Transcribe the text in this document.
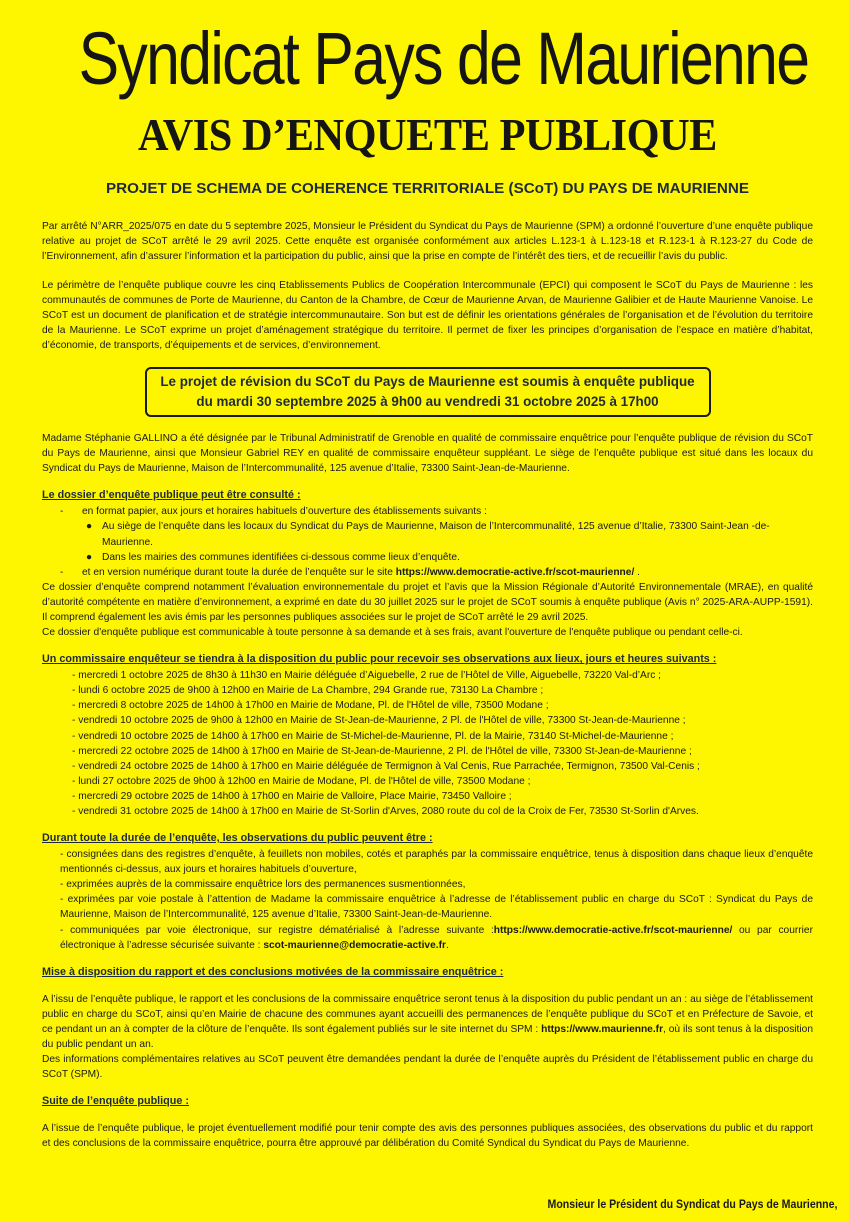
Syndicat Pays de Maurienne
AVIS D’ENQUETE PUBLIQUE
PROJET DE SCHEMA DE COHERENCE TERRITORIALE (SCoT) DU PAYS DE MAURIENNE

Par arrêté N°ARR_2025/075 en date du 5 septembre 2025, Monsieur le Président du Syndicat du Pays de Maurienne (SPM) a ordonné l’ouverture d’une enquête publique relative au projet de SCoT arrêté le 29 avril 2025. Cette enquête est organisée conformément aux articles L.123-1 à L.123-18 et R.123-1 à R.123-27 du Code de l’Environnement, afin d’assurer l’information et la participation du public, ainsi que la prise en compte de l’intérêt des tiers, et de recueillir l’avis du public.

Le périmètre de l’enquête publique couvre les cinq Etablissements Publics de Coopération Intercommunale (EPCI) qui composent le SCoT du Pays de Maurienne : les communautés de communes de Porte de Maurienne, du Canton de la Chambre, de Cœur de Maurienne Arvan, de Maurienne Galibier et de Haute Maurienne Vanoise. Le SCoT est un document de planification et de stratégie intercommunautaire. Son but est de définir les orientations générales de l’organisation et de l’évolution du territoire de la Maurienne. Le SCoT exprime un projet d’aménagement stratégique du territoire. Il permet de fixer les principes d’organisation de l’espace en matière d’habitat, d’économie, de transports, d’équipements et de services, d’environnement.

Le projet de révision du SCoT du Pays de Maurienne est soumis à enquête publique
du mardi 30 septembre 2025 à 9h00 au vendredi 31 octobre 2025 à 17h00

Madame Stéphanie GALLINO a été désignée par le Tribunal Administratif de Grenoble en qualité de commissaire enquêtrice pour l’enquête publique de révision du SCoT du Pays de Maurienne, ainsi que Monsieur Gabriel REY en qualité de commissaire enquêteur suppléant. Le siège de l’enquête publique est situé dans les locaux du Syndicat du Pays de Maurienne, Maison de l’Intercommunalité, 125 avenue d’Italie, 73300 Saint-Jean-de-Maurienne.

Le dossier d’enquête publique peut être consulté :

- en format papier, aux jours et horaires habituels d’ouverture des établissements suivants :

● Au siège de l’enquête dans les locaux du Syndicat du Pays de Maurienne, Maison de l’Intercommunalité, 125 avenue d’Italie, 73300 Saint-Jean -de-Maurienne.

● Dans les mairies des communes identifiées ci-dessous comme lieux d’enquête.

- et en version numérique durant toute la durée de l’enquête sur le site https://www.democratie-active.fr/scot-maurienne/ .

Ce dossier d’enquête comprend notamment l’évaluation environnementale du projet et l’avis que la Mission Régionale d’Autorité Environnementale (MRAE), en qualité d’autorité compétente en matière d’environnement, a exprimé en date du 30 juillet 2025 sur le projet de SCoT soumis à enquête publique (Avis n° 2025-ARA-AUPP-1591). Il comprend également les avis émis par les personnes publiques associées sur le projet de SCoT arrêté le 29 avril 2025.

Ce dossier d'enquête publique est communicable à toute personne à sa demande et à ses frais, avant l'ouverture de l'enquête publique ou pendant celle-ci.

Un commissaire enquêteur se tiendra à la disposition du public pour recevoir ses observations aux lieux, jours et heures suivants :
- mercredi 1 octobre 2025 de 8h30 à 11h30 en Mairie déléguée d’Aiguebelle, 2 rue de l’Hôtel de Ville, Aiguebelle, 73220 Val-d’Arc ;
- lundi 6 octobre 2025 de 9h00 à 12h00 en Mairie de La Chambre, 294 Grande rue, 73130 La Chambre ;
- mercredi 8 octobre 2025 de 14h00 à 17h00 en Mairie de Modane, Pl. de l'Hôtel de ville, 73500 Modane ;
- vendredi 10 octobre 2025 de 9h00 à 12h00 en Mairie de St-Jean-de-Maurienne, 2 Pl. de l'Hôtel de ville, 73300 St-Jean-de-Maurienne ;
- vendredi 10 octobre 2025 de 14h00 à 17h00 en Mairie de St-Michel-de-Maurienne, Pl. de la Mairie, 73140 St-Michel-de-Maurienne ;
- mercredi 22 octobre 2025 de 14h00 à 17h00 en Mairie de St-Jean-de-Maurienne, 2 Pl. de l'Hôtel de ville, 73300 St-Jean-de-Maurienne ;
- vendredi 24 octobre 2025 de 14h00 à 17h00 en Mairie déléguée de Termignon à Val Cenis, Rue Parrachée, Termignon, 73500 Val-Cenis ;
- lundi 27 octobre 2025 de 9h00 à 12h00 en Mairie de Modane, Pl. de l'Hôtel de ville, 73500 Modane ;
- mercredi 29 octobre 2025 de 14h00 à 17h00 en Mairie de Valloire, Place Mairie, 73450 Valloire ;
- vendredi 31 octobre 2025 de 14h00 à 17h00 en Mairie de St-Sorlin d'Arves, 2080 route du col de la Croix de Fer, 73530 St-Sorlin d'Arves.
Durant toute la durée de l’enquête, les observations du public peuvent être :

- consignées dans des registres d’enquête, à feuillets non mobiles, cotés et paraphés par la commissaire enquêtrice, tenus à disposition dans chaque lieux d’enquête mentionnés ci-dessus, aux jours et horaires habituels d’ouverture,

- exprimées auprès de la commissaire enquêtrice lors des permanences susmentionnées,

- exprimées par voie postale à l’attention de Madame la commissaire enquêtrice à l’adresse de l’établissement public en charge du SCoT : Syndicat du Pays de Maurienne, Maison de l’Intercommunalité, 125 avenue d’Italie, 73300 Saint-Jean-de-Maurienne.

- communiquées par voie électronique, sur registre dématérialisé à l’adresse suivante :https://www.democratie-active.fr/scot-maurienne/ ou par courrier électronique à l’adresse sécurisée suivante : scot-maurienne@democratie-active.fr.

Mise à disposition du rapport et des conclusions motivées de la commissaire enquêtrice :

A l’issu de l’enquête publique, le rapport et les conclusions de la commissaire enquêtrice seront tenus à la disposition du public pendant un an : au siège de l’établissement public en charge du SCoT, ainsi qu’en Mairie de chacune des communes ayant accueilli des permanences de l’enquête publique du SCoT et en Préfecture de Savoie, et ce pendant un an à compter de la clôture de l’enquête. Ils sont également publiés sur le site internet du SPM : https://www.maurienne.fr, où ils sont tenus à la disposition du public pendant un an.

Des informations complémentaires relatives au SCoT peuvent être demandées pendant la durée de l’enquête auprès du Président de l’établissement public en charge du SCoT (SPM).

Suite de l’enquête publique :

A l’issue de l’enquête publique, le projet éventuellement modifié pour tenir compte des avis des personnes publiques associées, des observations du public et du rapport et des conclusions de la commissaire enquêtrice, pourra être approuvé par délibération du Comité Syndical du Syndicat du Pays de Maurienne.

Monsieur le Président du Syndicat du Pays de Maurienne,
